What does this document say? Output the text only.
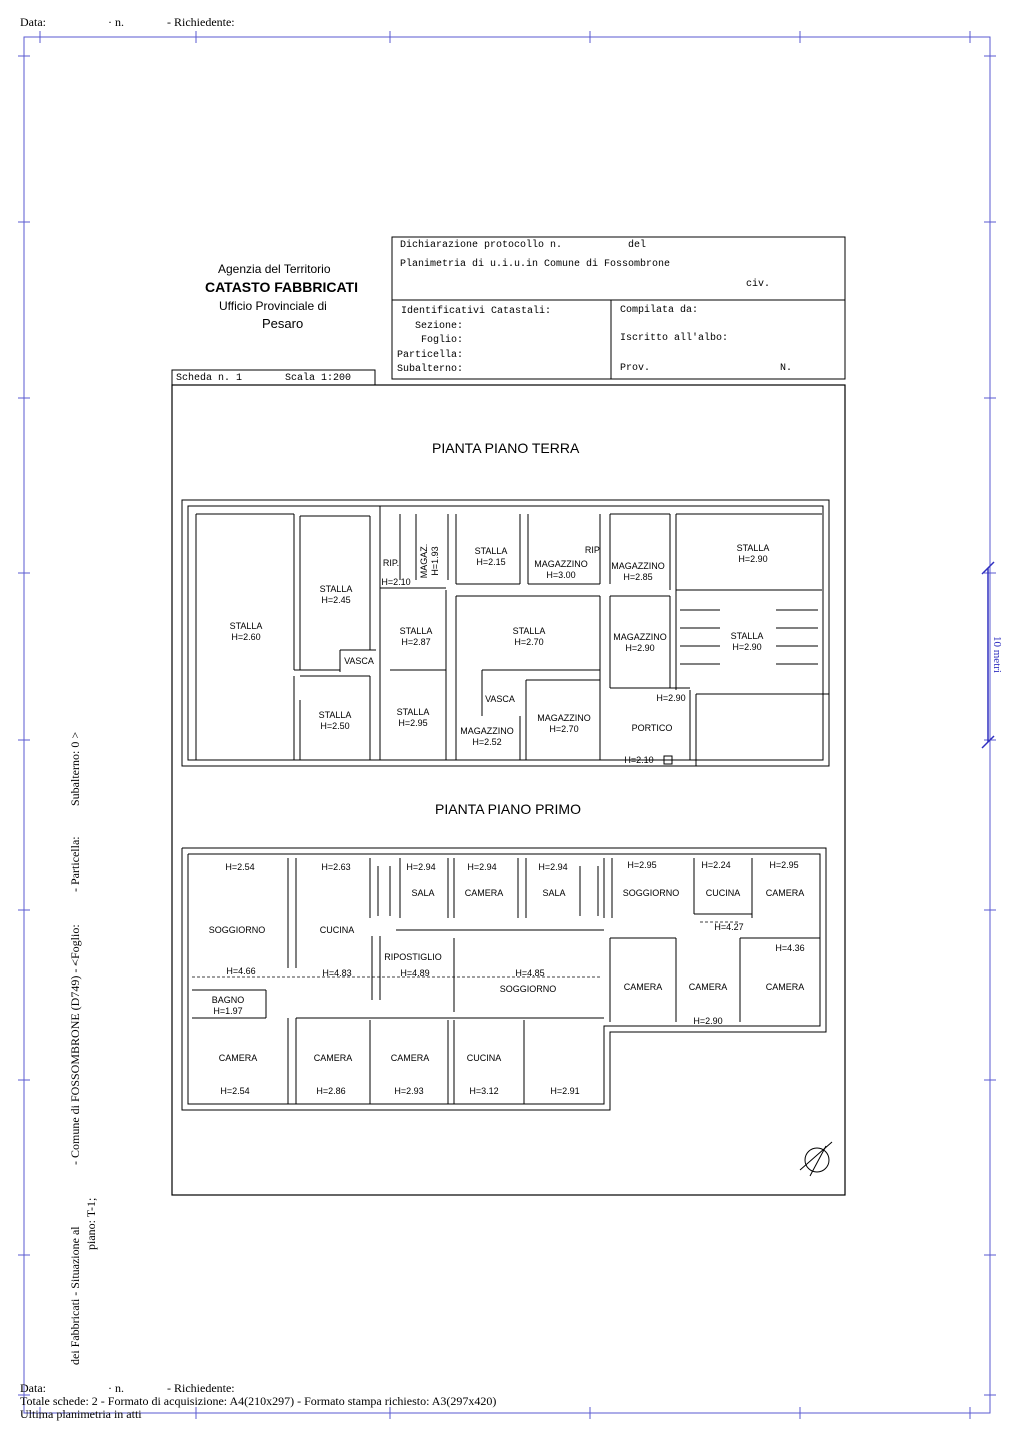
Data:	· n.	- Richiedente:
Agenzia del Territorio
CATASTO FABBRICATI
Ufficio Provinciale di
Pesaro
Dichiarazione protocollo n.	del
Planimetria di u.i.u.in Comune di Fossombrone
civ.
Identificativi Catastali:
Sezione:
Foglio:
Particella:
Subalterno:
Compilata da:
Iscritto all'albo:
Prov.	N.
Scheda n. 1	Scala 1:200
PIANTA PIANO TERRA
PIANTA PIANO PRIMO
STALLA
H=2.60
STALLA
H=2.45
RIP.
H=2.10
MAGAZ. H=1.93	STALLA
H=2.15	MAGAZZINO
H=3.00
RIP.
MAGAZZINO
H=2.85
STALLA
H=2.90
STALLA
H=2.87
VASCA
STALLA
H=2.70	MAGAZZINO
H=2.90
STALLA
H=2.90
STALLA
H=2.50
STALLA
H=2.95
VASCA
MAGAZZINO
H=2.52
MAGAZZINO
H=2.70
H=2.90
PORTICO
H=2.10
H=2.54	H=2.63	H=2.94	H=2.94	H=2.94	H=2.95	H=2.24	H=2.95
SALA	CAMERA	SALA	SOGGIORNO	CUCINA	CAMERA
SOGGIORNO	CUCINA	H=4.27
H=4.36
RIPOSTIGLIO
H=4.66	H=4.83	H=4.89	H=4.85
SOGGIORNO	CAMERA	CAMERA	CAMERA
BAGNO
H=1.97
H=2.90
CAMERA
H=2.54
CAMERA
H=2.86
CAMERA
H=2.93
CUCINA
H=3.12	H=2.91
10 metri
Subalterno: 0 >
- Particella:
- Foglio:
- Comune di FOSSOMBRONE (D749) - <
dei Fabbricati - Situazione al
piano: T-1;
Data:	· n.	- Richiedente:
Totale schede: 2 - Formato di acquisizione: A4(210x297) - Formato stampa richiesto: A3(297x420)
Ultima planimetria in atti
